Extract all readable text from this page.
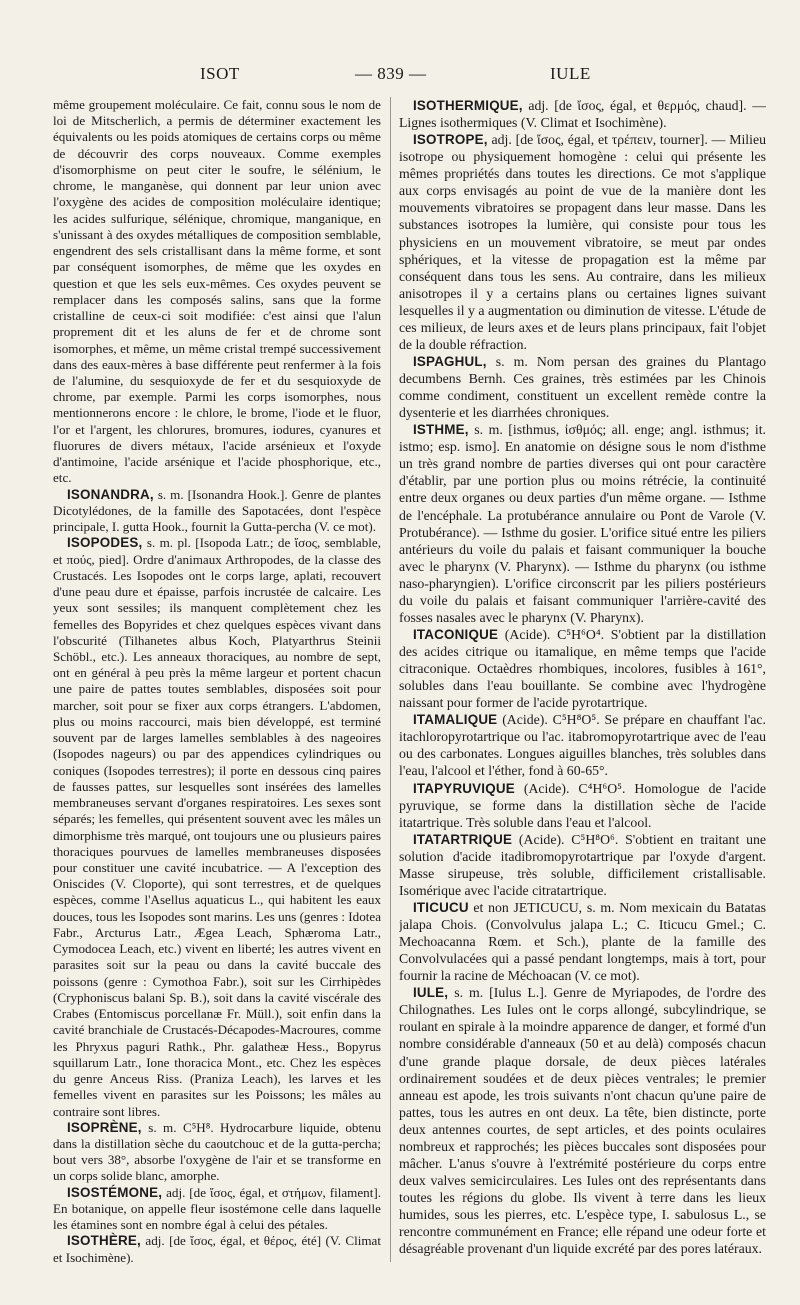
ISOT	— 839 —	IULE

même groupement moléculaire. Ce fait, connu sous le nom de loi de Mitscherlich, a permis de déterminer exactement les équivalents ou les poids atomiques de certains corps ou même de découvrir des corps nouveaux. Comme exemples d'isomorphisme on peut citer le soufre, le sélénium, le chrome, le manganèse, qui donnent par leur union avec l'oxygène des acides de composition moléculaire identique; les acides sulfurique, sélénique, chromique, manganique, en s'unissant à des oxydes métalliques de composition semblable, engendrent des sels cristallisant dans la même forme, et sont par conséquent isomorphes, de même que les oxydes en question et que les sels eux-mêmes. Ces oxydes peuvent se remplacer dans les composés salins, sans que la forme cristalline de ceux-ci soit modifiée: c'est ainsi que l'alun proprement dit et les aluns de fer et de chrome sont isomorphes, et même, un même cristal trempé successivement dans des eaux-mères à base différente peut renfermer à la fois de l'alumine, du sesquioxyde de fer et du sesquioxyde de chrome, par exemple. Parmi les corps isomorphes, nous mentionnerons encore : le chlore, le brome, l'iode et le fluor, l'or et l'argent, les chlorures, bromures, iodures, cyanures et fluorures de divers métaux, l'acide arsénieux et l'oxyde d'antimoine, l'acide arsénique et l'acide phosphorique, etc., etc.

ISONANDRA, s. m. [Isonandra Hook.]. Genre de plantes Dicotylédones, de la famille des Sapotacées, dont l'espèce principale, I. gutta Hook., fournit la Gutta-percha (V. ce mot).

ISOPODES, s. m. pl. [Isopoda Latr.; de ἴσος, semblable, et πούς, pied]. Ordre d'animaux Arthropodes, de la classe des Crustacés. Les Isopodes ont le corps large, aplati, recouvert d'une peau dure et épaisse, parfois incrustée de calcaire. Les yeux sont sessiles; ils manquent complètement chez les femelles des Bopyrides et chez quelques espèces vivant dans l'obscurité (Tilhanetes albus Koch, Platyarthrus Steinii Schöbl., etc.). Les anneaux thoraciques, au nombre de sept, ont en général à peu près la même largeur et portent chacun une paire de pattes toutes semblables, disposées soit pour marcher, soit pour se fixer aux corps étrangers. L'abdomen, plus ou moins raccourci, mais bien développé, est terminé souvent par de larges lamelles semblables à des nageoires (Isopodes nageurs) ou par des appendices cylindriques ou coniques (Isopodes terrestres); il porte en dessous cinq paires de fausses pattes, sur lesquelles sont insérées des lamelles membraneuses servant d'organes respiratoires. Les sexes sont séparés; les femelles, qui présentent souvent avec les mâles un dimorphisme très marqué, ont toujours une ou plusieurs paires thoraciques pourvues de lamelles membraneuses disposées pour constituer une cavité incubatrice. — A l'exception des Oniscides (V. Cloporte), qui sont terrestres, et de quelques espèces, comme l'Asellus aquaticus L., qui habitent les eaux douces, tous les Isopodes sont marins. Les uns (genres : Idotea Fabr., Arcturus Latr., Ægea Leach, Sphæroma Latr., Cymodocea Leach, etc.) vivent en liberté; les autres vivent en parasites soit sur la peau ou dans la cavité buccale des poissons (genre : Cymothoa Fabr.), soit sur les Cirrhipèdes (Cryphoniscus balani Sp. B.), soit dans la cavité viscérale des Crabes (Entomiscus porcellanæ Fr. Müll.), soit enfin dans la cavité branchiale de Crustacés-Décapodes-Macroures, comme les Phryxus paguri Rathk., Phr. galatheæ Hess., Bopyrus squillarum Latr., Ione thoracica Mont., etc. Chez les espèces du genre Anceus Riss. (Praniza Leach), les larves et les femelles vivent en parasites sur les Poissons; les mâles au contraire sont libres.

ISOPRÈNE, s. m. C⁵H⁸. Hydrocarbure liquide, obtenu dans la distillation sèche du caoutchouc et de la gutta-percha; bout vers 38°, absorbe l'oxygène de l'air et se transforme en un corps solide blanc, amorphe.

ISOSTÉMONE, adj. [de ἴσος, égal, et στήμων, filament]. En botanique, on appelle fleur isostémone celle dans laquelle les étamines sont en nombre égal à celui des pétales.

ISOTHÈRE, adj. [de ἴσος, égal, et θέρος, été] (V. Climat et Isochimène).

ISOTHERMIQUE, adj. [de ἴσος, égal, et θερμός, chaud]. — Lignes isothermiques (V. Climat et Isochimène).

ISOTROPE, adj. [de ἴσος, égal, et τρέπειν, tourner]. — Milieu isotrope ou physiquement homogène : celui qui présente les mêmes propriétés dans toutes les directions. Ce mot s'applique aux corps envisagés au point de vue de la manière dont les mouvements vibratoires se propagent dans leur masse. Dans les substances isotropes la lumière, qui consiste pour tous les physiciens en un mouvement vibratoire, se meut par ondes sphériques, et la vitesse de propagation est la même par conséquent dans tous les sens. Au contraire, dans les milieux anisotropes il y a certains plans ou certaines lignes suivant lesquelles il y a augmentation ou diminution de vitesse. L'étude de ces milieux, de leurs axes et de leurs plans principaux, fait l'objet de la double réfraction.

ISPAGHUL, s. m. Nom persan des graines du Plantago decumbens Bernh. Ces graines, très estimées par les Chinois comme condiment, constituent un excellent remède contre la dysenterie et les diarrhées chroniques.

ISTHME, s. m. [isthmus, ἰσθμός; all. enge; angl. isthmus; it. istmo; esp. ismo]. En anatomie on désigne sous le nom d'isthme un très grand nombre de parties diverses qui ont pour caractère d'établir, par une portion plus ou moins rétrécie, la continuité entre deux organes ou deux parties d'un même organe. — Isthme de l'encéphale. La protubérance annulaire ou Pont de Varole (V. Protubérance). — Isthme du gosier. L'orifice situé entre les piliers antérieurs du voile du palais et faisant communiquer la bouche avec le pharynx (V. Pharynx). — Isthme du pharynx (ou isthme naso-pharyngien). L'orifice circonscrit par les piliers postérieurs du voile du palais et faisant communiquer l'arrière-cavité des fosses nasales avec le pharynx (V. Pharynx).

ITACONIQUE (Acide). C⁵H⁶O⁴. S'obtient par la distillation des acides citrique ou itamalique, en même temps que l'acide citraconique. Octaèdres rhombiques, incolores, fusibles à 161°, solubles dans l'eau bouillante. Se combine avec l'hydrogène naissant pour former de l'acide pyrotartrique.

ITAMALIQUE (Acide). C⁵H⁸O⁵. Se prépare en chauffant l'ac. itachloropyrotartrique ou l'ac. itabromopyrotartrique avec de l'eau ou des carbonates. Longues aiguilles blanches, très solubles dans l'eau, l'alcool et l'éther, fond à 60-65°.

ITAPYRUVIQUE (Acide). C⁴H⁶O⁵. Homologue de l'acide pyruvique, se forme dans la distillation sèche de l'acide itatartrique. Très soluble dans l'eau et l'alcool.

ITATARTRIQUE (Acide). C⁵H⁸O⁶. S'obtient en traitant une solution d'acide itadibromopyrotartrique par l'oxyde d'argent. Masse sirupeuse, très soluble, difficilement cristallisable. Isomérique avec l'acide citratartrique.

ITICUCU et non JETICUCU, s. m. Nom mexicain du Batatas jalapa Chois. (Convolvulus jalapa L.; C. Iticucu Gmel.; C. Mechoacanna Rœm. et Sch.), plante de la famille des Convolvulacées qui a passé pendant longtemps, mais à tort, pour fournir la racine de Méchoacan (V. ce mot).

IULE, s. m. [Iulus L.]. Genre de Myriapodes, de l'ordre des Chilognathes. Les Iules ont le corps allongé, subcylindrique, se roulant en spirale à la moindre apparence de danger, et formé d'un nombre considérable d'anneaux (50 et au delà) composés chacun d'une grande plaque dorsale, de deux pièces latérales ordinairement soudées et de deux pièces ventrales; le premier anneau est apode, les trois suivants n'ont chacun qu'une paire de pattes, tous les autres en ont deux. La tête, bien distincte, porte deux antennes courtes, de sept articles, et des points oculaires nombreux et rapprochés; les pièces buccales sont disposées pour mâcher. L'anus s'ouvre à l'extrémité postérieure du corps entre deux valves semicirculaires. Les Iules ont des représentants dans toutes les régions du globe. Ils vivent à terre dans les lieux humides, sous les pierres, etc. L'espèce type, I. sabulosus L., se rencontre communément en France; elle répand une odeur forte et désagréable provenant d'un liquide excrété par des pores latéraux.
